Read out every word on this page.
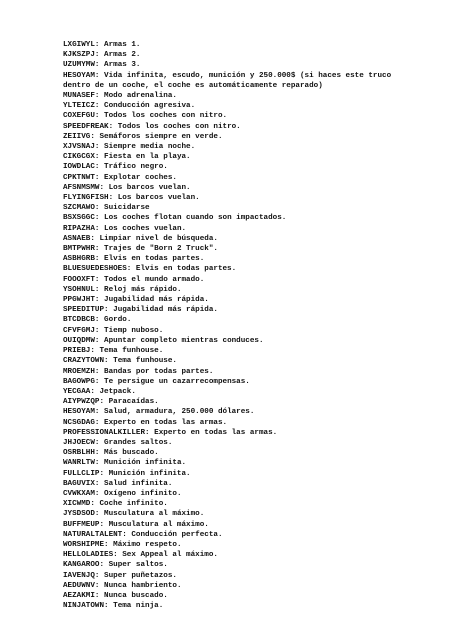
LXGIWYL: Armas 1.

KJKSZPJ: Armas 2.

UZUMYMW: Armas 3.

HESOYAM: Vida infinita, escudo, munición y 250.000$ (si haces este truco dentro de un coche, el coche es automáticamente reparado)

MUNASEF: Modo adrenalina.

YLTEICZ: Conducción agresiva.

COXEFGU: Todos los coches con nitro.

SPEEDFREAK: Todos los coches con nitro.

ZEIIVG: Semáforos siempre en verde.

XJVSNAJ: Siempre media noche.

CIKGCGX: Fiesta en la playa.

IOWDLAC: Tráfico negro.

CPKTNWT: Explotar coches.

AFSNMSMW: Los barcos vuelan.

FLYINGFISH: Los barcos vuelan.

SZCMAWO: Suicidarse

BSXSGGC: Los coches flotan cuando son impactados.

RIPAZHA: Los coches vuelan.

ASNAEB: Limpiar nivel de búsqueda.

BMTPWHR: Trajes de "Born 2 Truck".

ASBHGRB: Elvis en todas partes.

BLUESUEDESHOES: Elvis en todas partes.

FOOOXFT: Todos el mundo armado.

YSOHNUL: Reloj más rápido.

PPGWJHT: Jugabilidad más rápida.

SPEEDITUP: Jugabilidad más rápida.

BTCDBCB: Gordo.

CFVFGMJ: Tiemp nuboso.

OUIQDMW: Apuntar completo mientras conduces.

PRIEBJ: Tema funhouse.

CRAZYTOWN: Tema funhouse.

MROEMZH: Bandas por todas partes.

BAGOWPG: Te persigue un cazarrecompensas.

YECGAA: Jetpack.

AIYPWZQP: Paracaídas.

HESOYAM: Salud, armadura, 250.000 dólares.

NCSGDAG: Experto en todas las armas.

PROFESSIONALKILLER: Experto en todas las armas.

JHJOECW: Grandes saltos.

OSRBLHH: Más buscado.

WANRLTW: Munición infinita.

FULLCLIP: Munición infinita.

BAGUVIX: Salud infinita.

CVWKXAM: Oxígeno infinito.

XICWMD: Coche infinito.

JYSDSOD: Musculatura al máximo.

BUFFMEUP: Musculatura al máximo.

NATURALTALENT: Conducción perfecta.

WORSHIPME: Máximo respeto.

HELLOLADIES: Sex Appeal al máximo.

KANGAROO: Super saltos.

IAVENJQ: Super puñetazos.

AEDUWNV: Nunca hambriento.

AEZAKMI: Nunca buscado.

NINJATOWN: Tema ninja.
